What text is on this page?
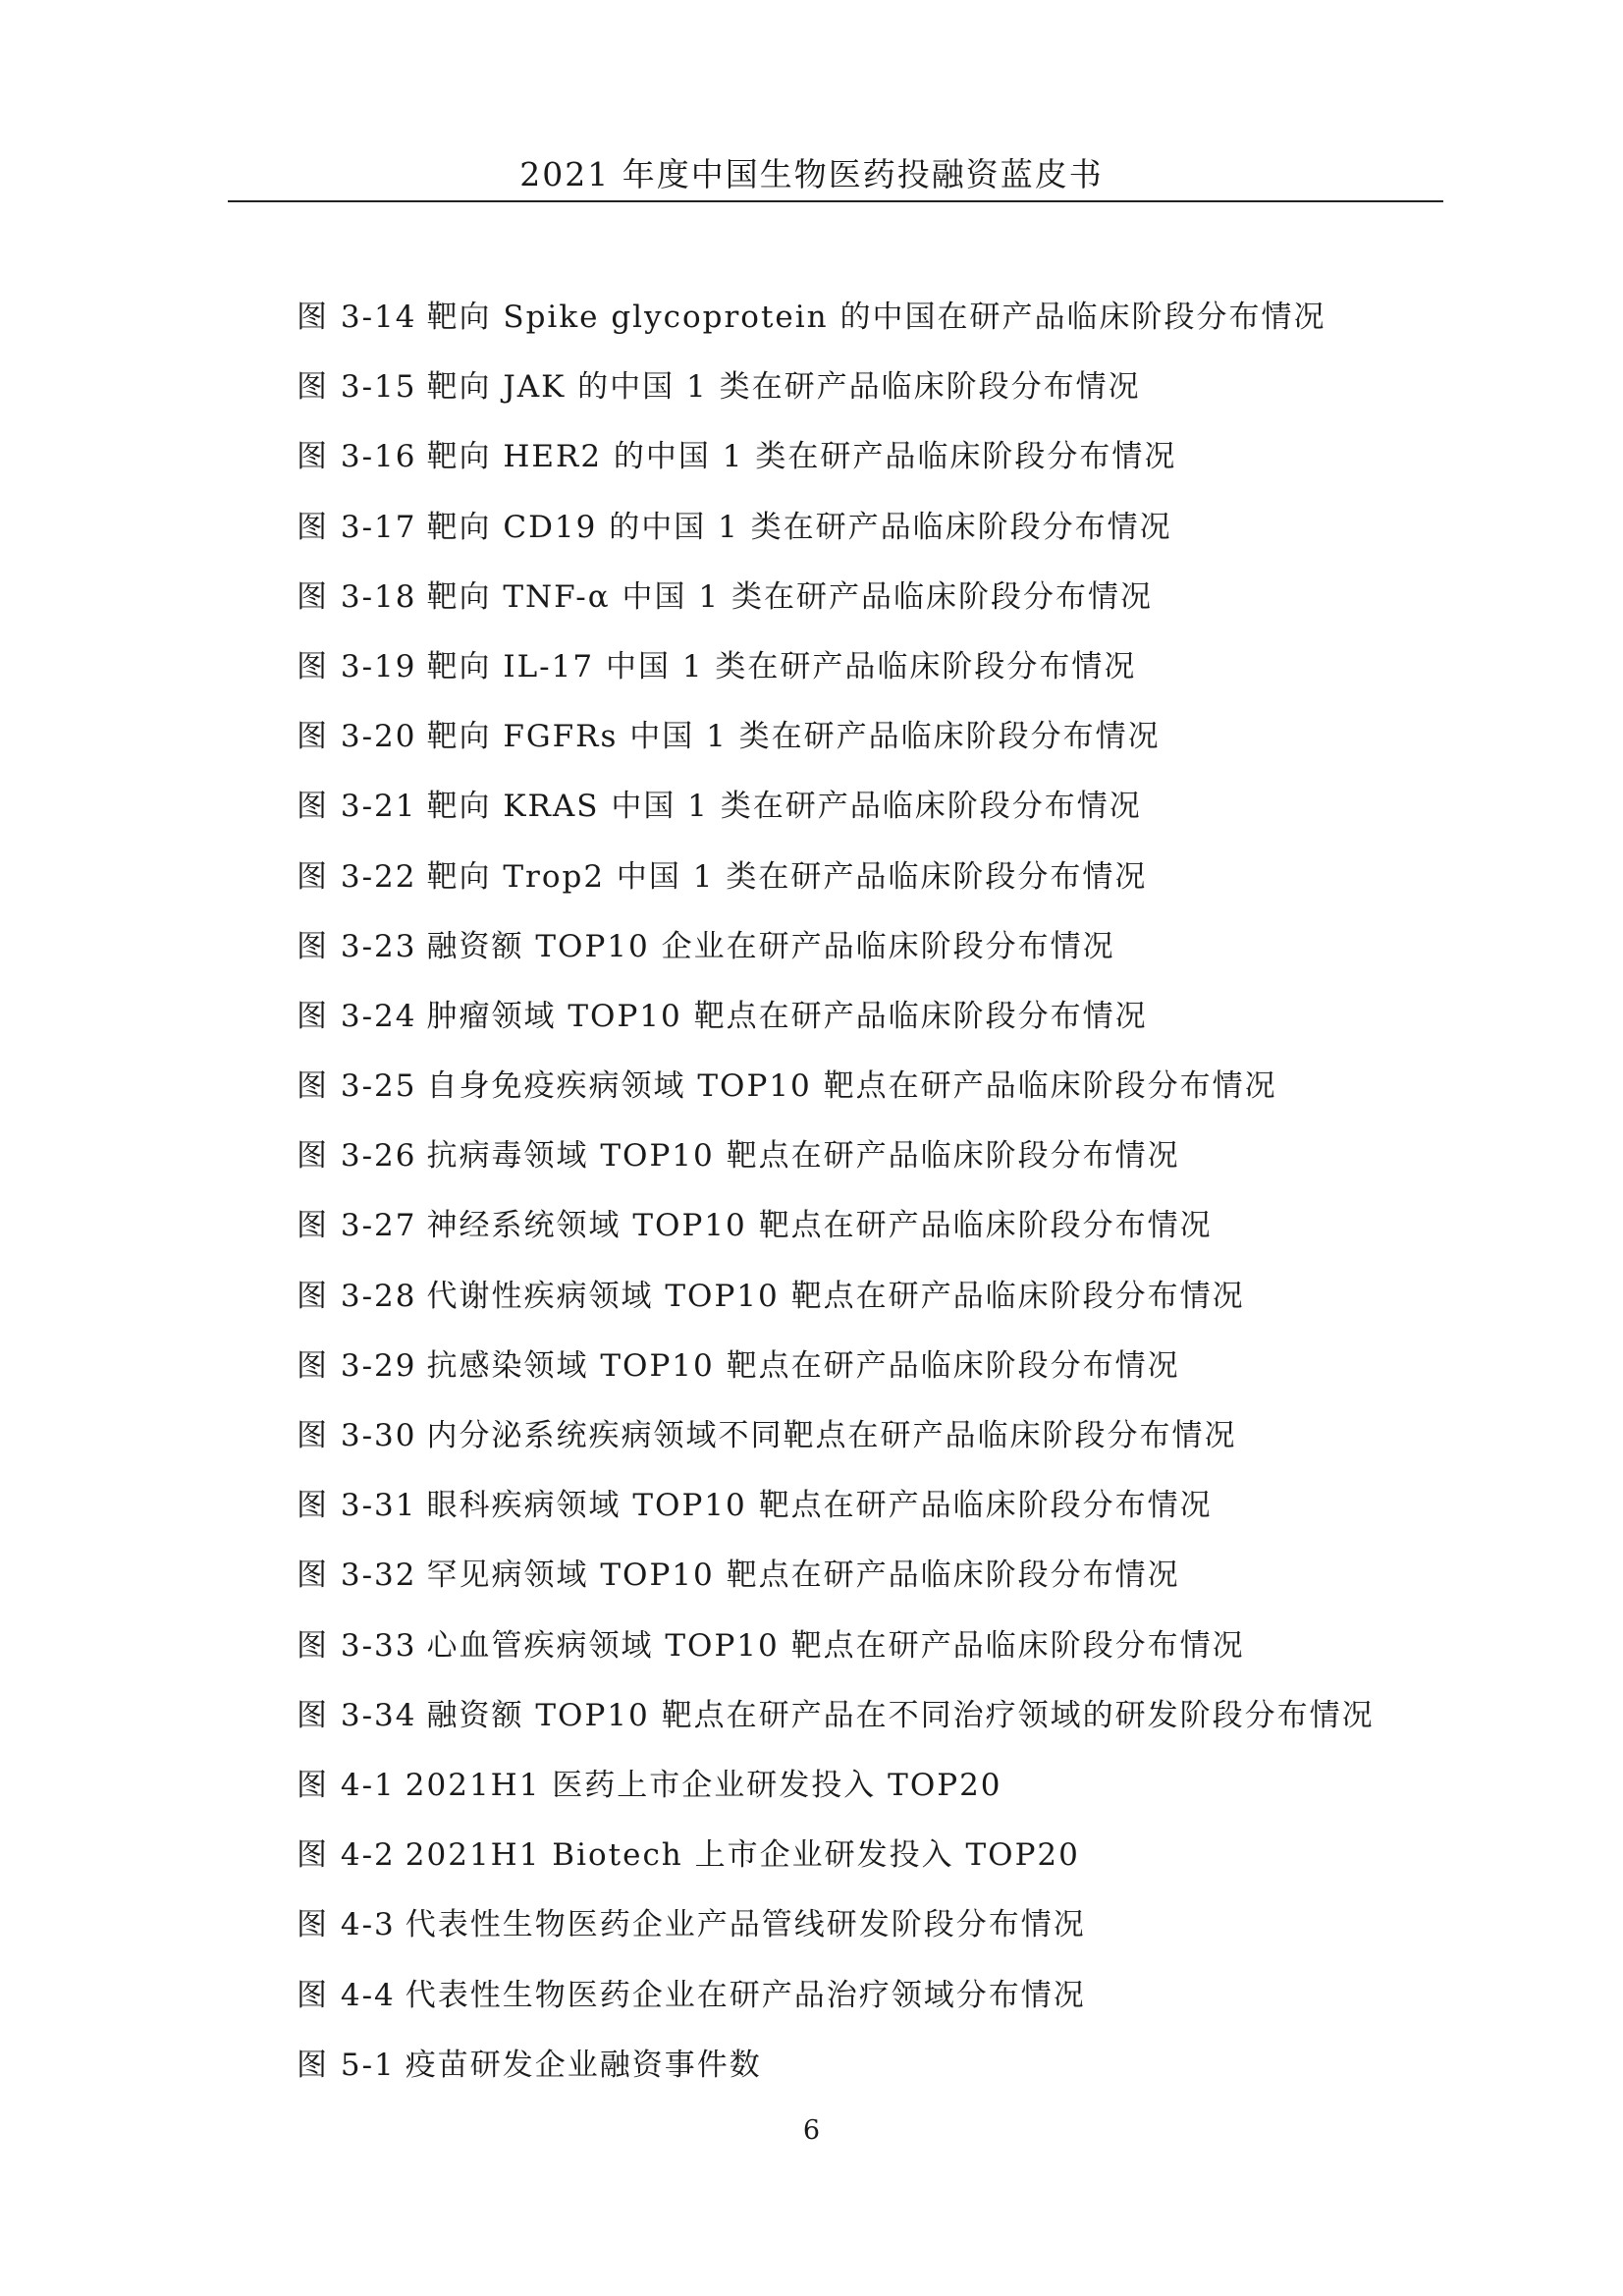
2021 年度中国生物医药投融资蓝皮书
图 3-14 靶向 Spike glycoprotein 的中国在研产品临床阶段分布情况
图 3-15 靶向 JAK 的中国 1 类在研产品临床阶段分布情况
图 3-16 靶向 HER2 的中国 1 类在研产品临床阶段分布情况
图 3-17 靶向 CD19 的中国 1 类在研产品临床阶段分布情况
图 3-18 靶向 TNF-α 中国 1 类在研产品临床阶段分布情况
图 3-19 靶向 IL-17 中国 1 类在研产品临床阶段分布情况
图 3-20 靶向 FGFRs 中国 1 类在研产品临床阶段分布情况
图 3-21 靶向 KRAS 中国 1 类在研产品临床阶段分布情况
图 3-22 靶向 Trop2 中国 1 类在研产品临床阶段分布情况
图 3-23 融资额 TOP10 企业在研产品临床阶段分布情况
图 3-24 肿瘤领域 TOP10 靶点在研产品临床阶段分布情况
图 3-25 自身免疫疾病领域 TOP10 靶点在研产品临床阶段分布情况
图 3-26 抗病毒领域 TOP10 靶点在研产品临床阶段分布情况
图 3-27 神经系统领域 TOP10 靶点在研产品临床阶段分布情况
图 3-28 代谢性疾病领域 TOP10 靶点在研产品临床阶段分布情况
图 3-29 抗感染领域 TOP10 靶点在研产品临床阶段分布情况
图 3-30 内分泌系统疾病领域不同靶点在研产品临床阶段分布情况
图 3-31 眼科疾病领域 TOP10 靶点在研产品临床阶段分布情况
图 3-32 罕见病领域 TOP10 靶点在研产品临床阶段分布情况
图 3-33 心血管疾病领域 TOP10 靶点在研产品临床阶段分布情况
图 3-34 融资额 TOP10 靶点在研产品在不同治疗领域的研发阶段分布情况
图 4-1 2021H1 医药上市企业研发投入 TOP20
图 4-2 2021H1 Biotech 上市企业研发投入 TOP20
图 4-3 代表性生物医药企业产品管线研发阶段分布情况
图 4-4 代表性生物医药企业在研产品治疗领域分布情况
图 5-1 疫苗研发企业融资事件数
6
